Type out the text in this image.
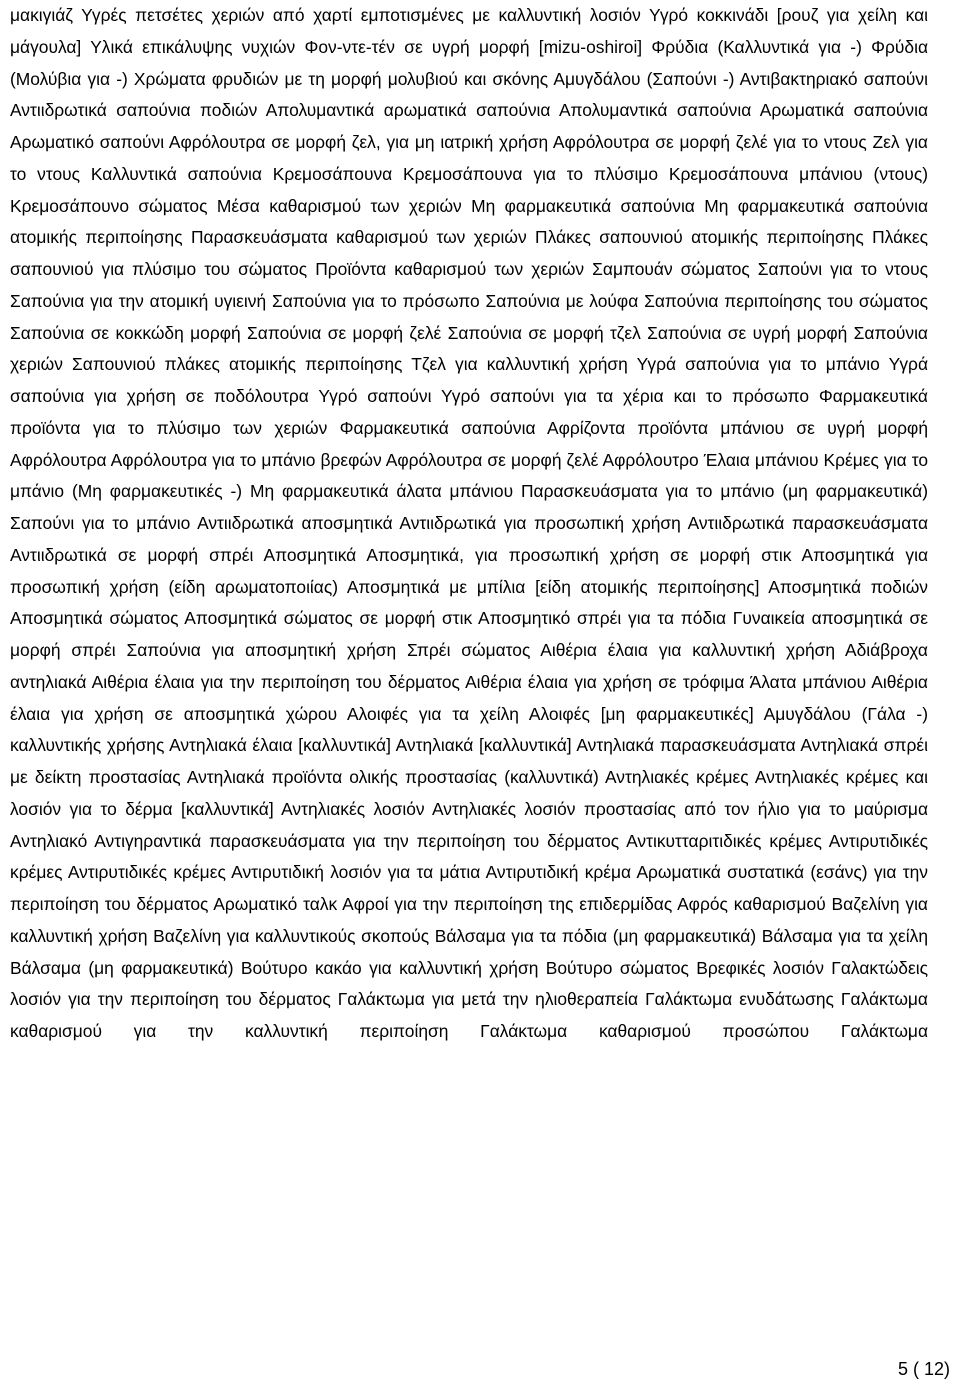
μακιγιάζ Υγρές πετσέτες χεριών από χαρτί εμποτισμένες με καλλυντική λοσιόν Υγρό κοκκινάδι [ρουζ για χείλη και μάγουλα] Υλικά επικάλυψης νυχιών Φον-ντε-τέν σε υγρή μορφή [mizu-oshiroi] Φρύδια (Καλλυντικά για -) Φρύδια (Μολύβια για -) Χρώματα φρυδιών με τη μορφή μολυβιού και σκόνης Αμυγδάλου (Σαπούνι -) Αντιβακτηριακό σαπούνι Αντιιδρωτικά σαπούνια ποδιών Απολυμαντικά αρωματικά σαπούνια Απολυμαντικά σαπούνια Αρωματικά σαπούνια Αρωματικό σαπούνι Αφρόλουτρα σε μορφή ζελ, για μη ιατρική χρήση Αφρόλουτρα σε μορφή ζελέ για το ντους Ζελ για το ντους Καλλυντικά σαπούνια Κρεμοσάπουνα Κρεμοσάπουνα για το πλύσιμο Κρεμοσάπουνα μπάνιου (ντους) Κρεμοσάπουνο σώματος Μέσα καθαρισμού των χεριών Μη φαρμακευτικά σαπούνια Μη φαρμακευτικά σαπούνια ατομικής περιποίησης Παρασκευάσματα καθαρισμού των χεριών Πλάκες σαπουνιού ατομικής περιποίησης Πλάκες σαπουνιού για πλύσιμο του σώματος Προϊόντα καθαρισμού των χεριών Σαμπουάν σώματος Σαπούνι για το ντους Σαπούνια για την ατομική υγιεινή Σαπούνια για το πρόσωπο Σαπούνια με λούφα Σαπούνια περιποίησης του σώματος Σαπούνια σε κοκκώδη μορφή Σαπούνια σε μορφή ζελέ Σαπούνια σε μορφή τζελ Σαπούνια σε υγρή μορφή Σαπούνια χεριών Σαπουνιού πλάκες ατομικής περιποίησης Τζελ για καλλυντική χρήση Υγρά σαπούνια για το μπάνιο Υγρά σαπούνια για χρήση σε ποδόλουτρα Υγρό σαπούνι Υγρό σαπούνι για τα χέρια και το πρόσωπο Φαρμακευτικά προϊόντα για το πλύσιμο των χεριών Φαρμακευτικά σαπούνια Αφρίζοντα προϊόντα μπάνιου σε υγρή μορφή Αφρόλουτρα Αφρόλουτρα για το μπάνιο βρεφών Αφρόλουτρα σε μορφή ζελέ Αφρόλουτρο Έλαια μπάνιου Κρέμες για το μπάνιο (Μη φαρμακευτικές -) Μη φαρμακευτικά άλατα μπάνιου Παρασκευάσματα για το μπάνιο (μη φαρμακευτικά) Σαπούνι για το μπάνιο Αντιιδρωτικά αποσμητικά Αντιιδρωτικά για προσωπική χρήση Αντιιδρωτικά παρασκευάσματα Αντιιδρωτικά σε μορφή σπρέι Αποσμητικά Αποσμητικά, για προσωπική χρήση σε μορφή στικ Αποσμητικά για προσωπική χρήση (είδη αρωματοποιίας) Αποσμητικά με μπίλια [είδη ατομικής περιποίησης] Αποσμητικά ποδιών Αποσμητικά σώματος Αποσμητικά σώματος σε μορφή στικ Αποσμητικό σπρέι για τα πόδια Γυναικεία αποσμητικά σε μορφή σπρέι Σαπούνια για αποσμητική χρήση Σπρέι σώματος Αιθέρια έλαια για καλλυντική χρήση Αδιάβροχα αντηλιακά Αιθέρια έλαια για την περιποίηση του δέρματος Αιθέρια έλαια για χρήση σε τρόφιμα Άλατα μπάνιου Αιθέρια έλαια για χρήση σε αποσμητικά χώρου Αλοιφές για τα χείλη Αλοιφές [μη φαρμακευτικές] Αμυγδάλου (Γάλα -) καλλυντικής χρήσης Αντηλιακά έλαια [καλλυντικά] Αντηλιακά [καλλυντικά] Αντηλιακά παρασκευάσματα Αντηλιακά σπρέι με δείκτη προστασίας Αντηλιακά προϊόντα ολικής προστασίας (καλλυντικά) Αντηλιακές κρέμες Αντηλιακές κρέμες και λοσιόν για το δέρμα [καλλυντικά] Αντηλιακές λοσιόν Αντηλιακές λοσιόν προστασίας από τον ήλιο για το μαύρισμα Αντηλιακό Αντιγηραντικά παρασκευάσματα για την περιποίηση του δέρματος Αντικυτταριτιδικές κρέμες Αντιρυτιδικές κρέμες Αντιρυτιδικές κρέμες Αντιρυτιδική λοσιόν για τα μάτια Αντιρυτιδική κρέμα Αρωματικά συστατικά (εσάνς) για την περιποίηση του δέρματος Αρωματικό ταλκ Αφροί για την περιποίηση της επιδερμίδας Αφρός καθαρισμού Βαζελίνη για καλλυντική χρήση Βαζελίνη για καλλυντικούς σκοπούς Βάλσαμα για τα πόδια (μη φαρμακευτικά) Βάλσαμα για τα χείλη Βάλσαμα (μη φαρμακευτικά) Βούτυρο κακάο για καλλυντική χρήση Βούτυρο σώματος Βρεφικές λοσιόν Γαλακτώδεις λοσιόν για την περιποίηση του δέρματος Γαλάκτωμα για μετά την ηλιοθεραπεία Γαλάκτωμα ενυδάτωσης Γαλάκτωμα καθαρισμού για την καλλυντική περιποίηση Γαλάκτωμα καθαρισμού προσώπου Γαλάκτωμα

5 ( 12)
